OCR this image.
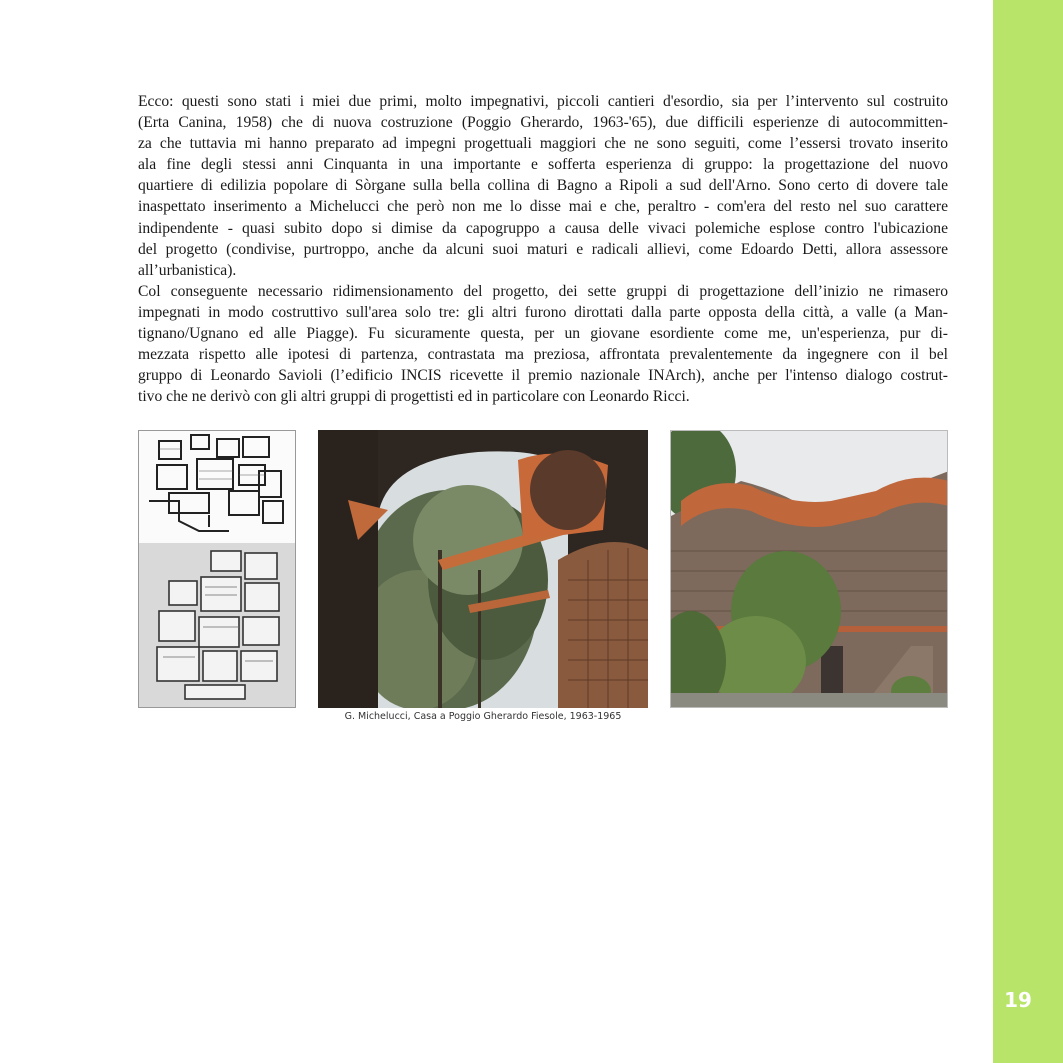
19
Ecco: questi sono stati i miei due primi, molto impegnativi, piccoli cantieri d'esordio, sia per l’intervento sul costruito
(Erta Canina, 1958) che di nuova costruzione (Poggio Gherardo, 1963-'65), due difficili esperienze di autocommitten-
za che tuttavia mi hanno preparato ad impegni progettuali maggiori che ne sono seguiti, come l’essersi trovato inserito
ala fine degli stessi anni Cinquanta in una importante e sofferta esperienza di gruppo: la progettazione del nuovo
quartiere di edilizia popolare di Sòrgane sulla bella collina di Bagno a Ripoli a sud dell'Arno. Sono certo di dovere tale
inaspettato inserimento a Michelucci che però non me lo disse mai e che, peraltro - com'era del resto nel suo carattere
indipendente - quasi subito dopo si dimise da capogruppo a causa delle vivaci polemiche esplose contro l'ubicazione
del progetto (condivise, purtroppo, anche da alcuni suoi maturi e radicali allievi, come Edoardo Detti, allora assessore
all’urbanistica).
Col conseguente necessario ridimensionamento del progetto, dei sette gruppi di progettazione dell’inizio ne rimasero
impegnati in modo costruttivo sull'area solo tre: gli altri furono dirottati dalla parte opposta della città, a valle (a Man-
tignano/Ugnano ed alle Piagge). Fu sicuramente questa, per un giovane esordiente come me, un'esperienza, pur di-
mezzata rispetto alle ipotesi di partenza, contrastata ma preziosa, affrontata prevalentemente da ingegnere con il bel
gruppo di Leonardo Savioli (l’edificio INCIS ricevette il premio nazionale INArch), anche per l'intenso dialogo costrut-
tivo che ne derivò con gli altri gruppi di progettisti ed in particolare con Leonardo Ricci.
G. Michelucci, Casa a Poggio Gherardo Fiesole, 1963-1965
